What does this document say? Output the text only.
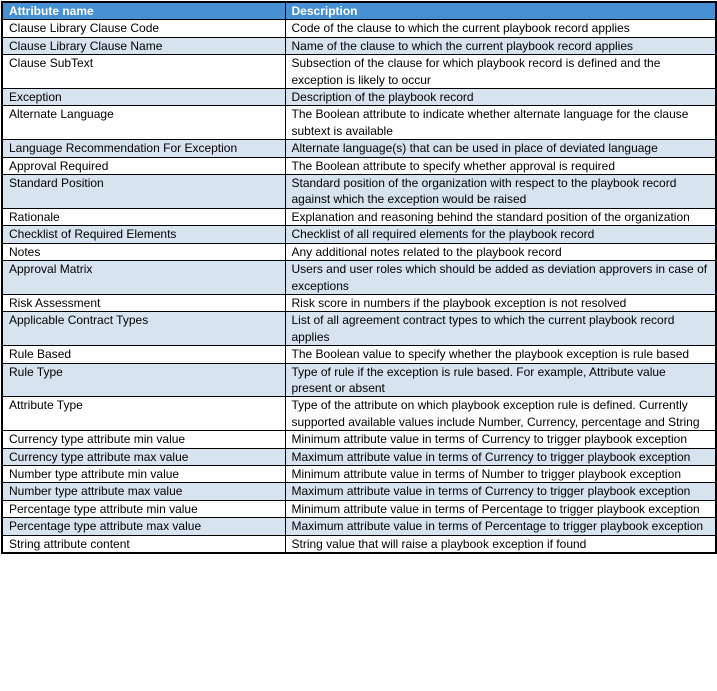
Attribute name	Description
Clause Library Clause Code	Code of the clause to which the current playbook record applies
Clause Library Clause Name	Name of the clause to which the current playbook record applies
Clause SubText	Subsection of the clause for which playbook record is defined and the exception is likely to occur
Exception	Description of the playbook record
Alternate Language	The Boolean attribute to indicate whether alternate language for the clause subtext is available
Language Recommendation For Exception	Alternate language(s) that can be used in place of deviated language
Approval Required	The Boolean attribute to specify whether approval is required
Standard Position	Standard position of the organization with respect to the playbook record against which the exception would be raised
Rationale	Explanation and reasoning behind the standard position of the organization
Checklist of Required Elements	Checklist of all required elements for the playbook record
Notes	Any additional notes related to the playbook record
Approval Matrix	Users and user roles which should be added as deviation approvers in case of exceptions
Risk Assessment	Risk score in numbers if the playbook exception is not resolved
Applicable Contract Types	List of all agreement contract types to which the current playbook record applies
Rule Based	The Boolean value to specify whether the playbook exception is rule based
Rule Type	Type of rule if the exception is rule based. For example, Attribute value present or absent
Attribute Type	Type of the attribute on which playbook exception rule is defined. Currently supported available values include Number, Currency, percentage and String
Currency type attribute min value	Minimum attribute value in terms of Currency to trigger playbook exception
Currency type attribute max value	Maximum attribute value in terms of Currency to trigger playbook exception
Number type attribute min value	Minimum attribute value in terms of Number to trigger playbook exception
Number type attribute max value	Maximum attribute value in terms of Currency to trigger playbook exception
Percentage type attribute min value	Minimum attribute value in terms of Percentage to trigger playbook exception
Percentage type attribute max value	Maximum attribute value in terms of Percentage to trigger playbook exception
String attribute content	String value that will raise a playbook exception if found
